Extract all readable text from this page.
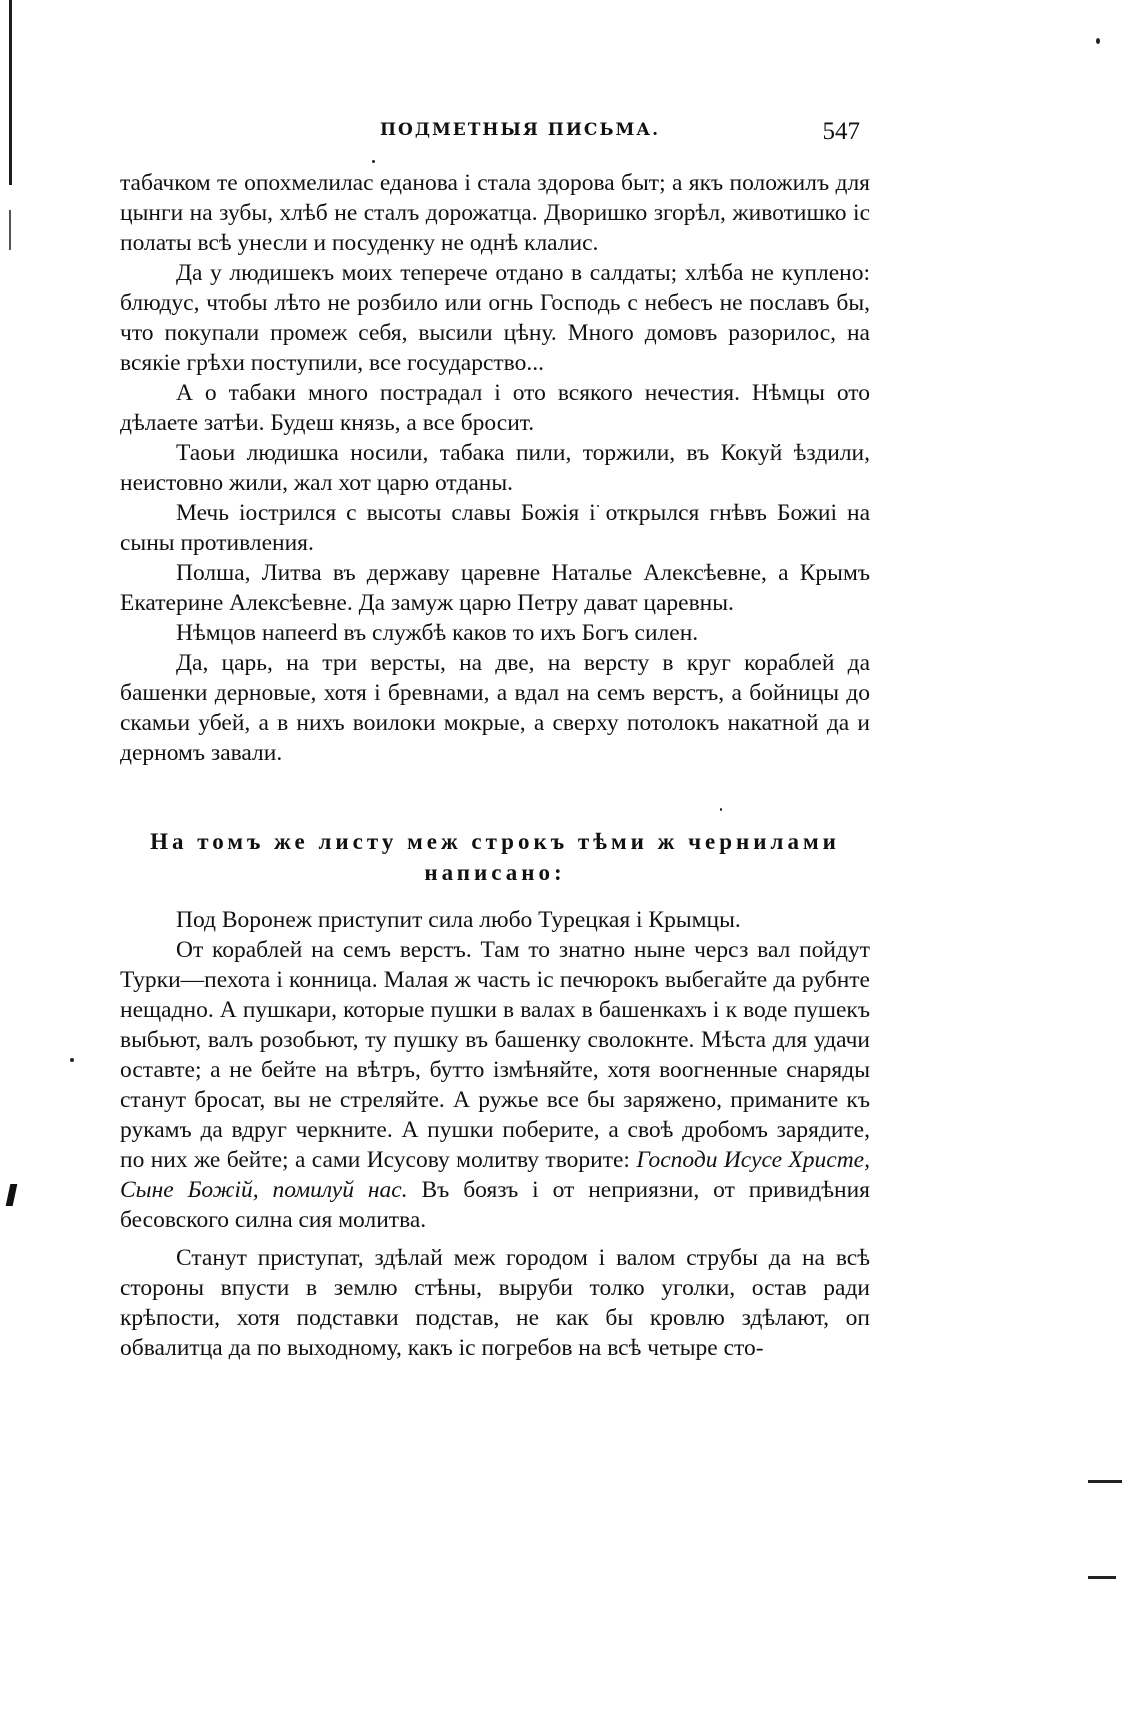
ПОДМЕТНЫЯ ПИСЬМА.	547

табачком те опохмелилас еданова і стала здорова быт; а якъ положилъ для цынги на зубы, хлѣб не сталъ дорожатца. Дворишко згорѣл, животишко іс полаты всѣ унесли и посуденку не однѣ клалис.

Да у людишекъ моих теперече отдано в салдаты; хлѣба не куплено: блюдус, чтобы лѣто не розбило или огнь Господь с небесъ не пославъ бы, что покупали промеж себя, высили цѣну. Много домовъ разорилос, на всякіе грѣхи поступили, все государство...

А о табаки много пострадал і ото всякого нечестия. Нѣмцы ото дѣлаете затѣи. Будеш князь, а все бросит.

Таоьи людишка носили, табака пили, торжили, въ Кокуй ѣздили, неистовно жили, жал хот царю отданы.

Мечь іострился с высоты славы Божія і открылся гнѣвъ Божиі на сыны противления.

Полша, Литва въ державу царевне Наталье Алексѣевне, а Крымъ Екатерине Алексѣевне. Да замуж царю Петру дават царевны.

Нѣмцов напеerd въ службѣ каков то ихъ Богъ силен.

Да, царь, на три версты, на две, на версту в круг кораблей да башенки дерновые, хотя і бревнами, а вдал на семъ верстъ, а бойницы до скамьи убей, а в нихъ воилоки мокрые, а сверху потолокъ накатной да и дерномъ завали.

На томъ же листу меж строкъ тѣми ж чернилами написано:

Под Воронеж приступит сила любо Турецкая і Крымцы.

От кораблей на семъ верстъ. Там то знатно ныне черсз вал пойдут Турки—пехота і конница. Малая ж часть іс печюрокъ выбегайте да рубнте нещадно. А пушкари, которые пушки в валах в башенкахъ і к воде пушекъ выбьют, валъ розобьют, ту пушку въ башенку сволокнте. Мѣста для удачи оставте; а не бейте на вѣтръ, бутто ізмѣняйте, хотя воогненные снаряды станут бросат, вы не стреляйте. А ружье все бы заряжено, приманите къ рукамъ да вдруг черкните. А пушки поберите, а своѣ дробомъ зарядите, по них же бейте; а сами Исусову молитву творите: Господи Исусе Христе, Сыне Божій, помилуй нас. Въ боязъ і от неприязни, от привидѣния бесовского силна сия молитва.

Станут приступат, здѣлай меж городом і валом струбы да на всѣ стороны впусти в землю стѣны, выруби толко уголки, остав ради крѣпости, хотя подставки подстав, не как бы кровлю здѣлают, оп обвалитца да по выходному, какъ іс погребов на всѣ четыре сто-
